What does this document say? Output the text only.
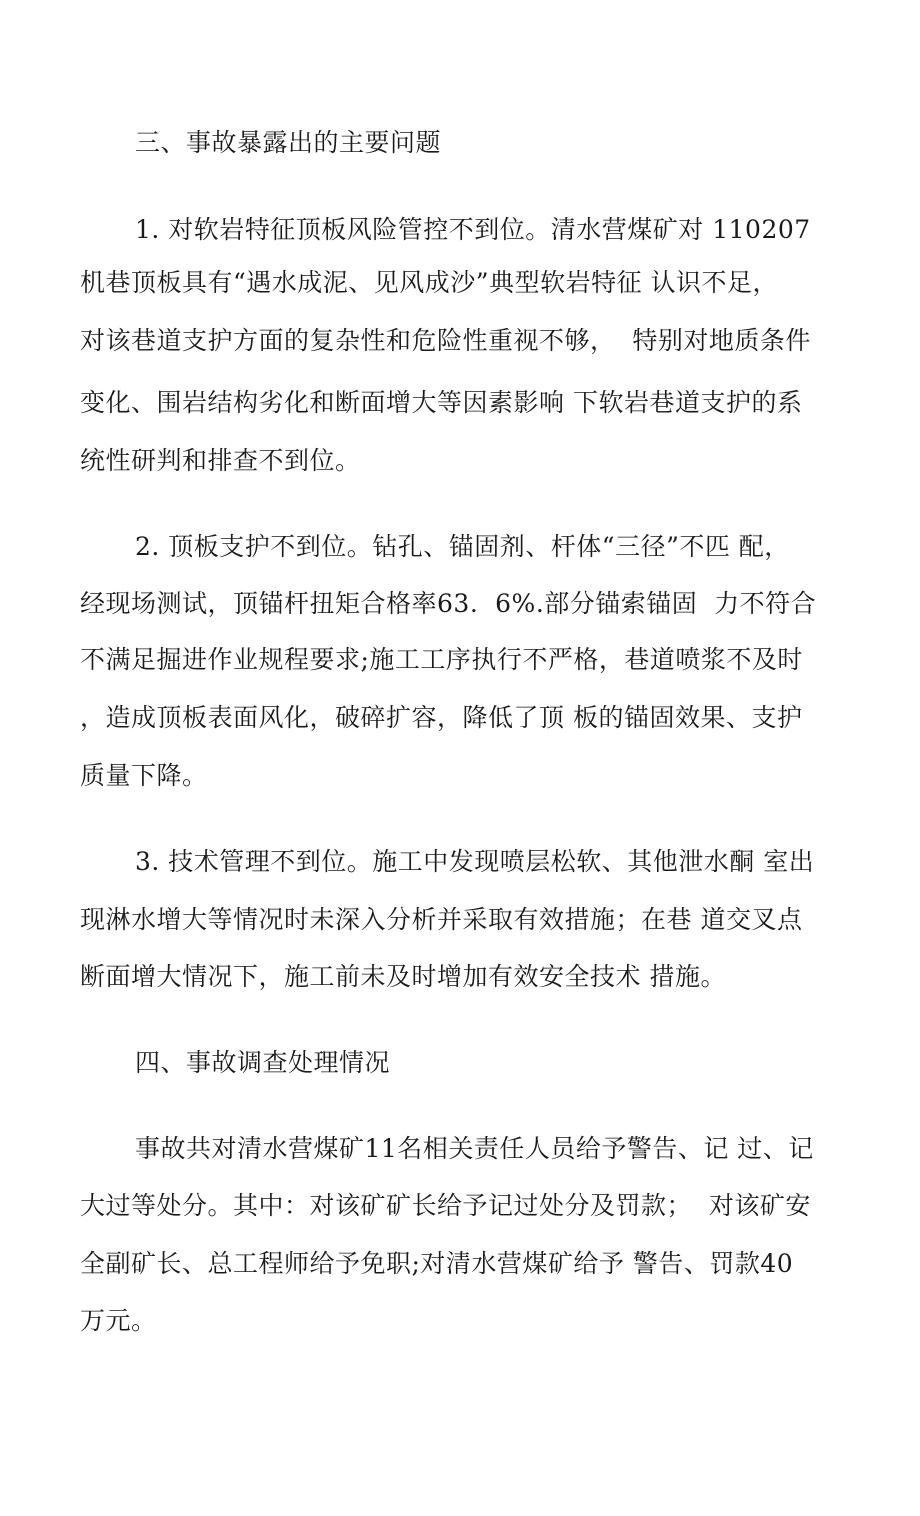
三、事故暴露出的主要问题
1. 对软岩特征顶板风险管控不到位。清水营煤矿对 110207
机巷顶板具有“遇水成泥、见风成沙”典型软岩特征 认识不足，
对该巷道支护方面的复杂性和危险性重视不够，  特别对地质条件
变化、围岩结构劣化和断面增大等因素影响 下软岩巷道支护的系
统性研判和排查不到位。
2. 顶板支护不到位。钻孔、锚固剂、杆体“三径”不匹 配，
经现场测试，顶锚杆扭矩合格率63.  6%.部分锚索锚固  力不符合
不满足掘进作业规程要求;施工工序执行不严格，巷道喷浆不及时
，造成顶板表面风化，破碎扩容，降低了顶 板的锚固效果、支护
质量下降。
3. 技术管理不到位。施工中发现喷层松软、其他泄水酮 室出
现淋水增大等情况时未深入分析并采取有效措施；在巷 道交叉点
断面增大情况下，施工前未及时增加有效安全技术 措施。
四、事故调查处理情况
事故共对清水营煤矿11名相关责任人员给予警告、记 过、记
大过等处分。其中：对该矿矿长给予记过处分及罚款；  对该矿安
全副矿长、总工程师给予免职;对清水营煤矿给予 警告、罚款40
万元。
